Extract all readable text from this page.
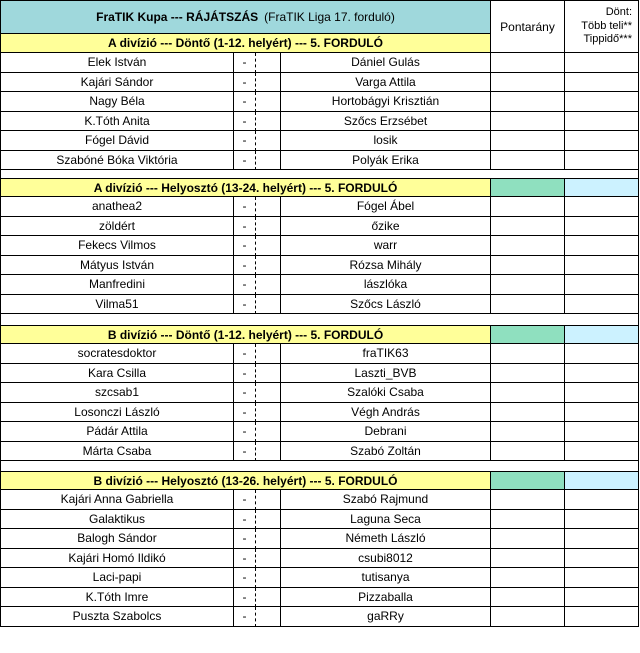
FraTIK Kupa --- RÁJÁTSZÁS (FraTIK Liga 17. forduló)
Pontarány
Dönt:
Több teli**
Tippidő***
A divízió --- Döntő (1-12. helyért) --- 5. FORDULÓ
Elek István	-	Dániel Gulás
Kajári Sándor	-	Varga Attila
Nagy Béla	-	Hortobágyi Krisztián
K.Tóth Anita	-	Szőcs Erzsébet
Fógel Dávid	-	losik
Szabóné Bóka Viktória	-	Polyák Erika
A divízió --- Helyosztó (13-24. helyért) --- 5. FORDULÓ
anathea2	-	Fógel Ábel
zöldért	-	őzike
Fekecs Vilmos	-	warr
Mátyus István	-	Rózsa Mihály
Manfredini	-	lászlóka
Vilma51	-	Szőcs László
B divízió --- Döntő (1-12. helyért) --- 5. FORDULÓ
socratesdoktor	-	fraTIK63
Kara Csilla	-	Laszti_BVB
szcsab1	-	Szalóki Csaba
Losonczi László	-	Végh András
Pádár Attila	-	Debrani
Márta Csaba	-	Szabó Zoltán
B divízió --- Helyosztó (13-26. helyért) --- 5. FORDULÓ
Kajári Anna Gabriella	-	Szabó Rajmund
Galaktikus	-	Laguna Seca
Balogh Sándor	-	Németh László
Kajári Homó Ildikó	-	csubi8012
Laci-papi	-	tutisanya
K.Tóth Imre	-	Pizzaballa
Puszta Szabolcs	-	gaRRy
